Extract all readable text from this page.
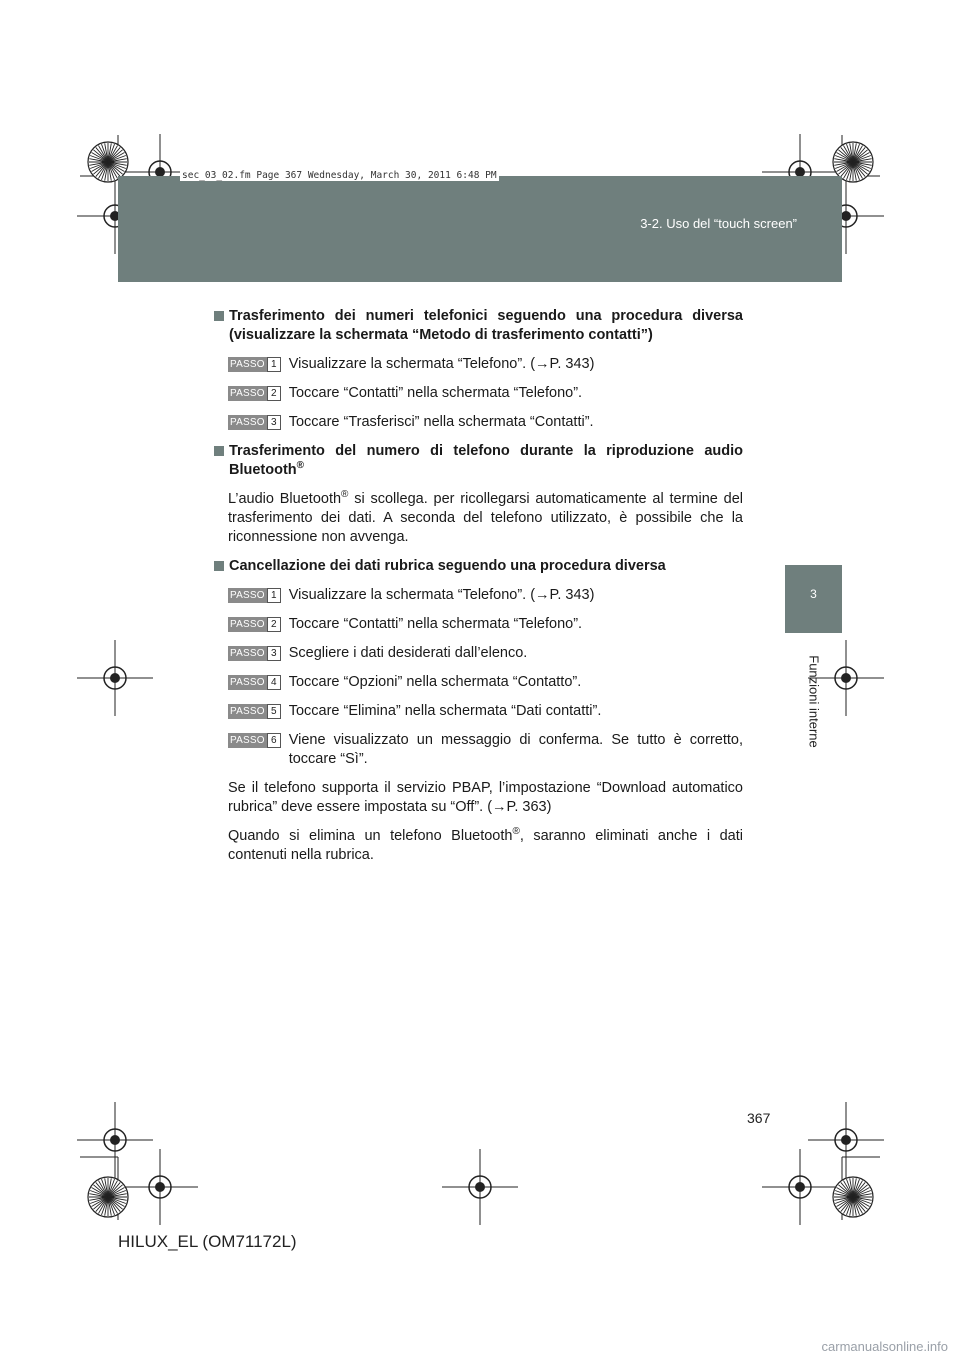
sec_03_02.fm Page 367 Wednesday, March 30, 2011 6:48 PM
3-2. Uso del “touch screen”
3
Funzioni interne
Trasferimento dei numeri telefonici seguendo una procedura diversa (visualizzare la schermata “Metodo di trasferimento contatti”)
PASSO 1 Visualizzare la schermata “Telefono”. (→P. 343)
PASSO 2 Toccare “Contatti” nella schermata “Telefono”.
PASSO 3 Toccare “Trasferisci” nella schermata “Contatti”.
Trasferimento del numero di telefono durante la riproduzione audio Bluetooth®
L’audio Bluetooth® si scollega. per ricollegarsi automaticamente al termine del trasferimento dei dati. A seconda del telefono utilizzato, è possibile che la riconnessione non avvenga.
Cancellazione dei dati rubrica seguendo una procedura diversa
PASSO 1 Visualizzare la schermata “Telefono”. (→P. 343)
PASSO 2 Toccare “Contatti” nella schermata “Telefono”.
PASSO 3 Scegliere i dati desiderati dall’elenco.
PASSO 4 Toccare “Opzioni” nella schermata “Contatto”.
PASSO 5 Toccare “Elimina” nella schermata “Dati contatti”.
PASSO 6 Viene visualizzato un messaggio di conferma. Se tutto è corretto, toccare “Sì”.
Se il telefono supporta il servizio PBAP, l’impostazione “Download automatico rubrica” deve essere impostata su “Off”. (→P. 363)
Quando si elimina un telefono Bluetooth®, saranno eliminati anche i dati contenuti nella rubrica.
367
HILUX_EL (OM71172L)
carmanualsonline.info
